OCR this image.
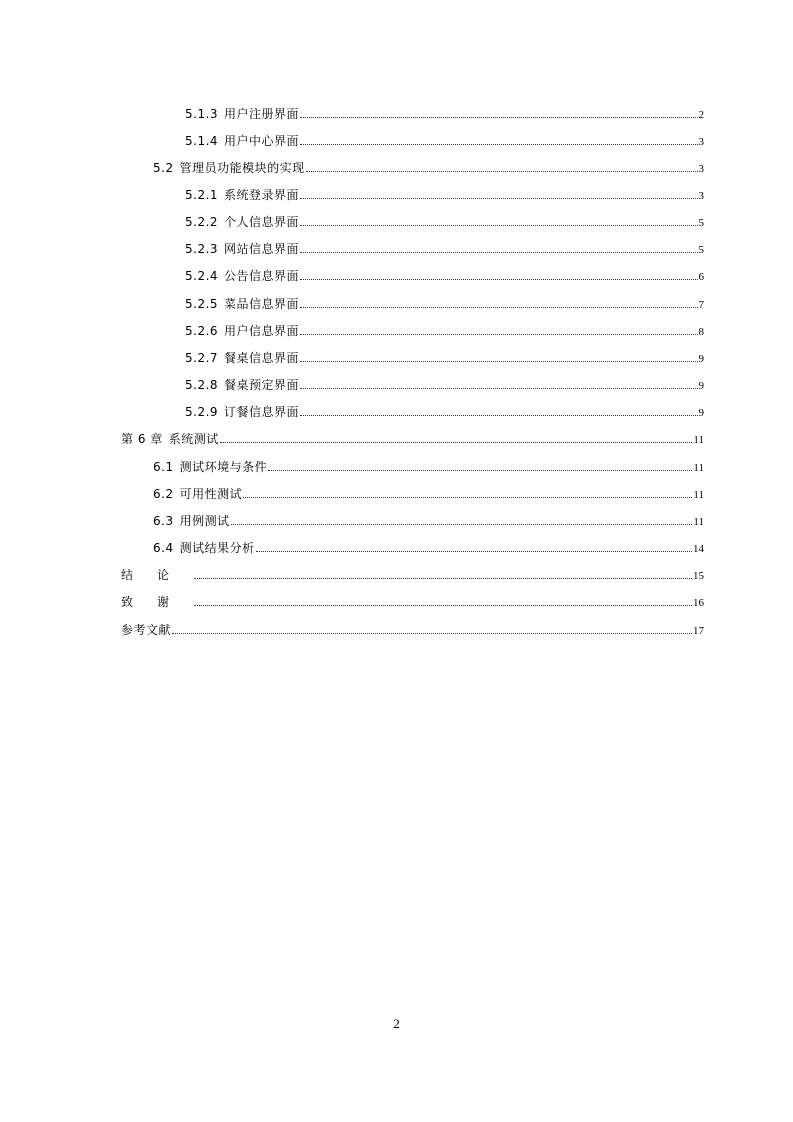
5.1.3 用户注册界面	2
5.1.4 用户中心界面	3
5.2 管理员功能模块的实现	3
5.2.1 系统登录界面	3
5.2.2 个人信息界面	5
5.2.3 网站信息界面	5
5.2.4 公告信息界面	6
5.2.5 菜品信息界面	7
5.2.6 用户信息界面	8
5.2.7 餐桌信息界面	9
5.2.8 餐桌预定界面	9
5.2.9 订餐信息界面	9
第 6 章 系统测试	11
6.1 测试环境与条件	11
6.2 可用性测试	11
6.3 用例测试	11
6.4 测试结果分析	14
结论	15
致谢	16
参考文献	17
2
